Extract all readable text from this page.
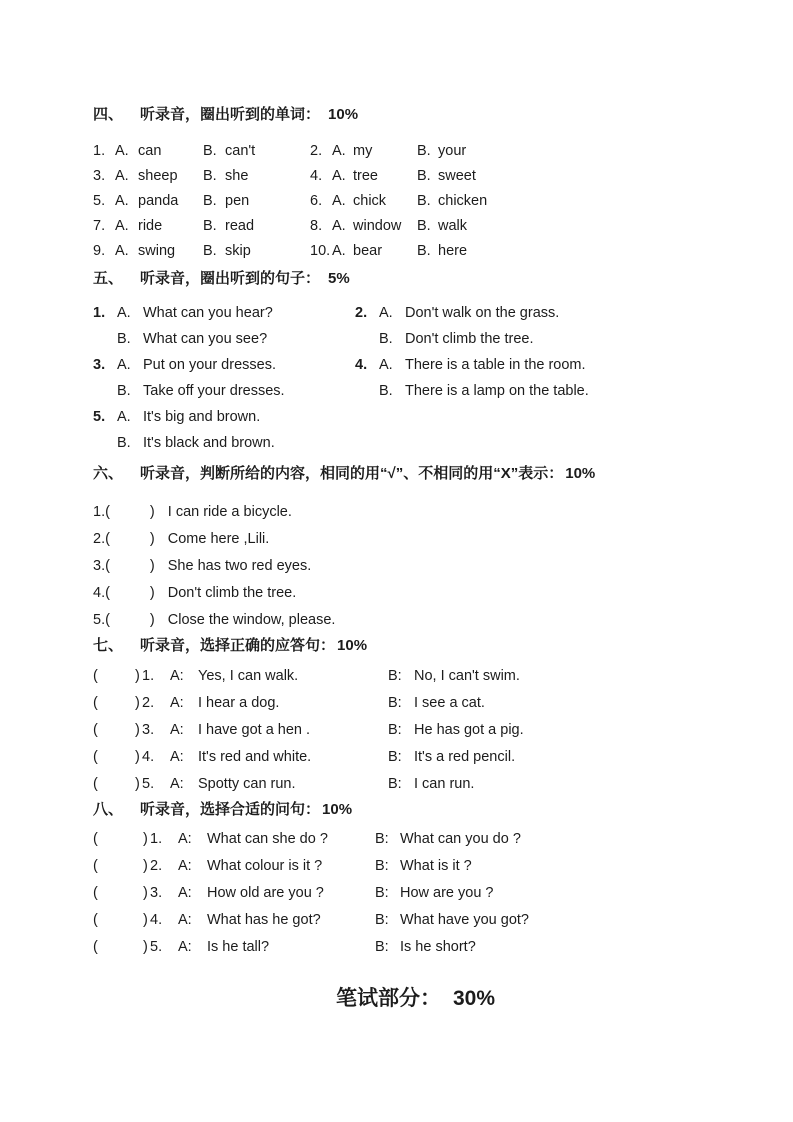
四、 听录音，圈出听到的单词： 10%
1. A. can	B. can't	2. A. my	B. your
3. A. sheep	B. she	4. A. tree	B. sweet
5. A. panda	B. pen	6. A. chick	B. chicken
7. A. ride	B. read	8. A. window	B. walk
9. A. swing	B. skip	10. A. bear	B. here
五、 听录音，圈出听到的句子： 5%
1. A. What can you hear?
B. What can you see?
2. A. Don't walk on the grass.
B. Don't climb the tree.
3. A. Put on your dresses.
B. Take off your dresses.
4. A. There is a table in the room.
B. There is a lamp on the table.
5. A. It's big and brown.
B. It's black and brown.
六、 听录音，判断所给的内容，相同的用“√”、不相同的用“X”表示： 10%
1.(	) I can ride a bicycle.
2.(	) Come here ,Lili.
3.(	) She has two red eyes.
4.(	) Don't climb the tree.
5.(	) Close the window, please.
七、 听录音，选择正确的应答句： 10%
(	) 1.	A: Yes, I can walk.	B: No, I can't swim.
(	) 2.	A: I hear a dog.	B: I see a cat.
(	) 3.	A: I have got a hen .	B: He has got a pig.
(	) 4.	A: It's red and white.	B: It's a red pencil.
(	) 5.	A: Spotty can run.	B: I can run.
八、 听录音，选择合适的问句： 10%
(	) 1.	A:	What can she do ?	B: What can you do ?
(	) 2.	A:	What colour is it ?	B: What is it ?
(	) 3.	A:	How old are you ?	B: How are you ?
(	) 4.	A:	What has he got?	B: What have you got?
(	) 5.	A:	Is he tall?	B: Is he short?
笔试部分： 30%
